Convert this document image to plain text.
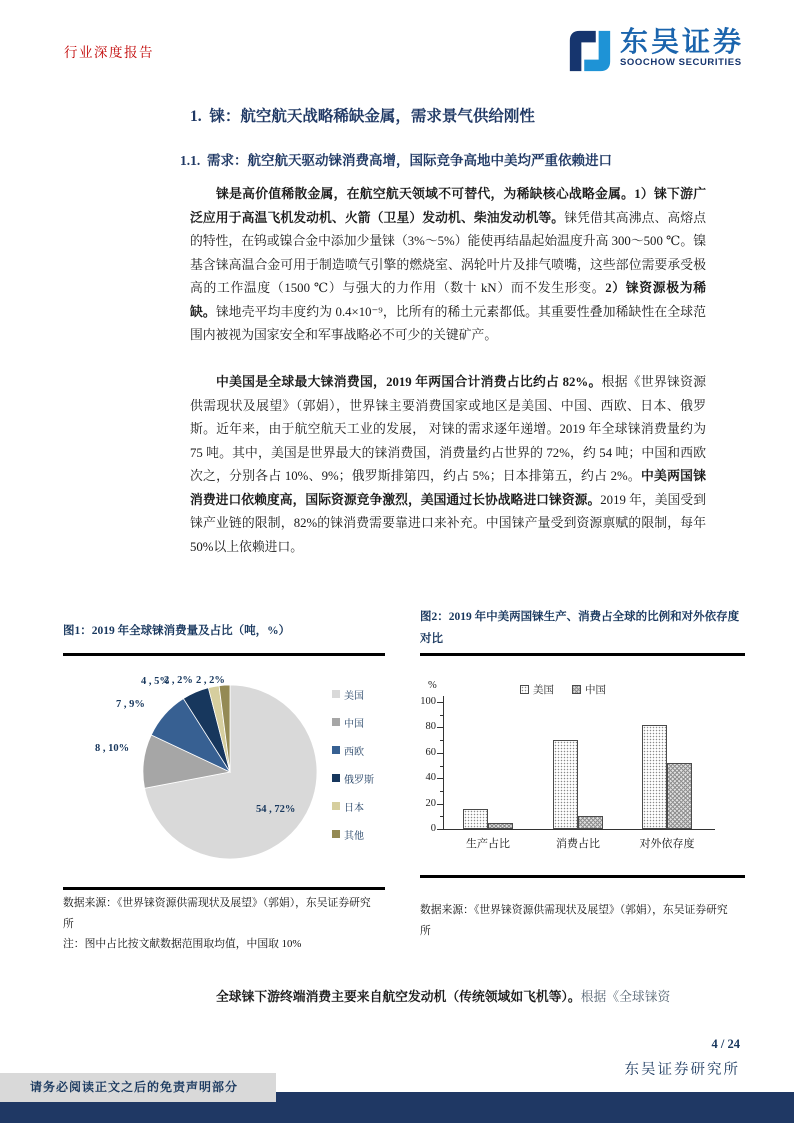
行业深度报告	东吴证券
SOOCHOW SECURITIES
1.  铼：航空航天战略稀缺金属，需求景气供给刚性
1.1.  需求：航空航天驱动铼消费高增，国际竞争高地中美均严重依赖进口
铼是高价值稀散金属，在航空航天领域不可替代，为稀缺核心战略金属。1）铼下游广泛应用于高温飞机发动机、火箭（卫星）发动机、柴油发动机等。铼凭借其高沸点、高熔点的特性，在钨或镍合金中添加少量铼（3%～5%）能使再结晶起始温度升高 300～500 ℃。镍基含铼高温合金可用于制造喷气引擎的燃烧室、涡轮叶片及排气喷嘴，这些部位需要承受极高的工作温度（1500 ℃）与强大的力作用（数十 kN）而不发生形变。2）铼资源极为稀缺。铼地壳平均丰度约为 0.4×10⁻⁹，比所有的稀土元素都低。其重要性叠加稀缺性在全球范围内被视为国家安全和军事战略必不可少的关键矿产。
中美国是全球最大铼消费国，2019 年两国合计消费占比约占 82%。根据《世界铼资源供需现状及展望》（郭娟），世界铼主要消费国家或地区是美国、中国、西欧、日本、俄罗斯。近年来，由于航空航天工业的发展， 对铼的需求逐年递增。2019 年全球铼消费量约为 75 吨。其中，美国是世界最大的铼消费国，消费量约占世界的 72%，约 54 吨；中国和西欧次之，分别各占 10%、9%；俄罗斯排第四，约占 5%；日本排第五，约占 2%。中美两国铼消费进口依赖度高，国际资源竞争激烈，美国通过长协战略进口铼资源。2019 年，美国受到铼产业链的限制，82%的铼消费需要靠进口来补充。中国铼产量受到资源禀赋的限制，每年 50%以上依赖进口。
全球铼下游终端消费主要来自航空发动机（传统领域如飞机等）。根据《全球铼资
图1：2019 年全球铼消费量及占比（吨，%）
54 , 72%
8 , 10%
7 , 9%
4 , 5%
2 , 2% 2 , 2%
美国
中国
西欧
俄罗斯
日本
其他
数据来源：《世界铼资源供需现状及展望》（郭娟），东吴证券研究所
注：图中占比按文献数据范围取均值，中国取 10%
图2：2019 年中美两国铼生产、消费占全球的比例和对外依存度对比
%	美国	中国
0
20
40
60
80
100
生产占比	消费占比	对外依存度
数据来源：《世界铼资源供需现状及展望》（郭娟），东吴证券研究所
4 / 24
东吴证券研究所
请务必阅读正文之后的免责声明部分
